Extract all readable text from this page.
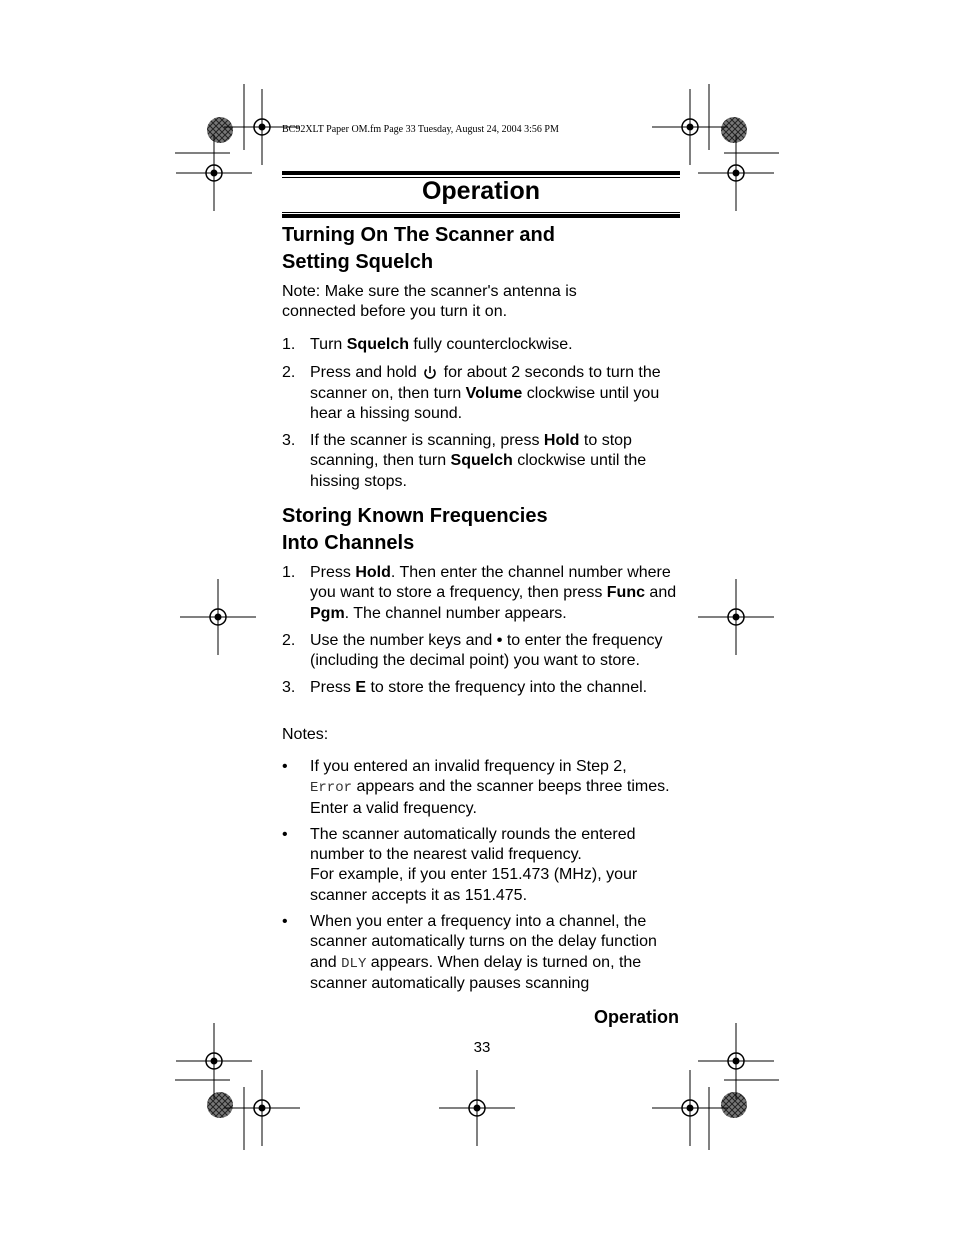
BC92XLT Paper OM.fm Page 33 Tuesday, August 24, 2004 3:56 PM
Operation
Turning On The Scanner and
Setting Squelch
Note: Make sure the scanner's antenna is
connected before you turn it on.
1. Turn Squelch fully counterclockwise.
2. Press and hold  for about 2 seconds to turn the scanner on, then turn Volume clockwise until you hear a hissing sound.
3. If the scanner is scanning, press Hold to stop scanning, then turn Squelch clockwise until the hissing stops.
Storing Known Frequencies
Into Channels
1. Press Hold. Then enter the channel number where you want to store a frequency, then press Func and Pgm. The channel number appears.
2. Use the number keys and • to enter the frequency (including the decimal point) you want to store.
3. Press E to store the frequency into the channel.
Notes:
• If you entered an invalid frequency in Step 2,
Error appears and the scanner beeps three times. Enter a valid frequency.
• The scanner automatically rounds the entered number to the nearest valid frequency.
For example, if you enter 151.473 (MHz), your scanner accepts it as 151.475.
• When you enter a frequency into a channel, the scanner automatically turns on the delay function and DLY appears. When delay is turned on, the scanner automatically pauses scanning
Operation
33
